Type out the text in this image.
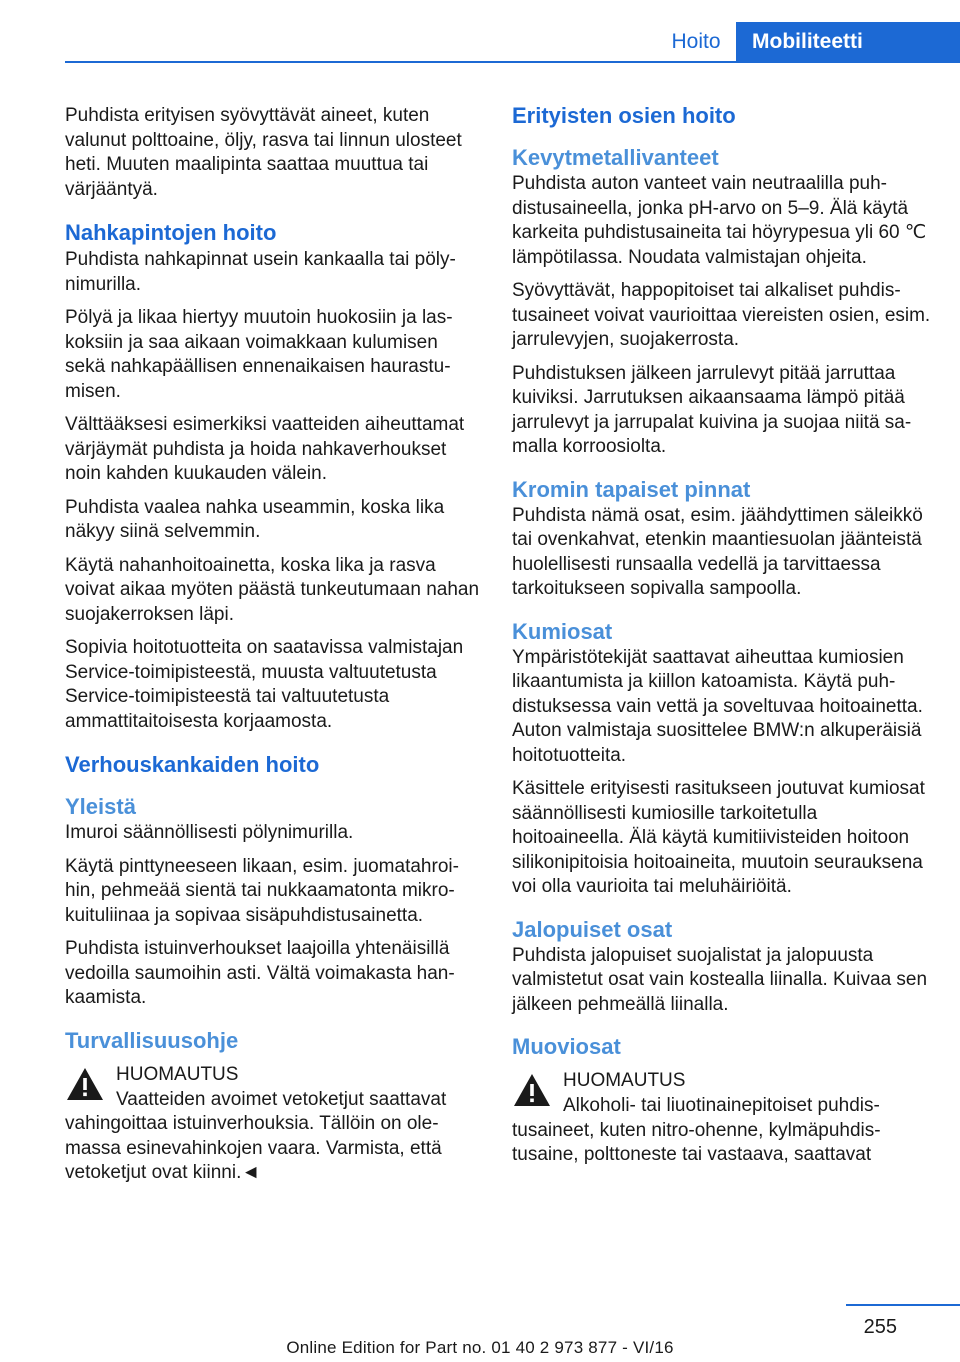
Hoito	Mobiliteetti

Puhdista erityisen syövyttävät aineet, kuten valunut polttoaine, öljy, rasva tai linnun ulosteet heti. Muuten maalipinta saattaa muuttua tai värjääntyä.

Nahkapintojen hoito

Puhdista nahkapinnat usein kankaalla tai pölynimurilla.

Pölyä ja likaa hiertyy muutoin huokosiin ja laskoksiin ja saa aikaan voimakkaan kulumisen sekä nahkapäällisen ennenaikaisen haurastumisen.

Välttääksesi esimerkiksi vaatteiden aiheuttamat värjäymät puhdista ja hoida nahkaverhoukset noin kahden kuukauden välein.

Puhdista vaalea nahka useammin, koska lika näkyy siinä selvemmin.

Käytä nahanhoitoainetta, koska lika ja rasva voivat aikaa myöten päästä tunkeutumaan nahan suojakerroksen läpi.

Sopivia hoitotuotteita on saatavissa valmistajan Service-toimipisteestä, muusta valtuutetusta Service-toimipisteestä tai valtuutetusta ammattitaitoisesta korjaamosta.

Verhouskankaiden hoito
Yleistä

Imuroi säännöllisesti pölynimurilla.

Käytä pinttyneeseen likaan, esim. juomatahroihin, pehmeää sientä tai nukkaamatonta mikrokuituliinaa ja sopivaa sisäpuhdistusainetta.

Puhdista istuinverhoukset laajoilla yhtenäisillä vedoilla saumoihin asti. Vältä voimakasta hankaamista.

Turvallisuusohje

HUOMAUTUS

Vaatteiden avoimet vetoketjut saattavat vahingoittaa istuinverhouksia. Tällöin on olemassa esinevahinkojen vaara. Varmista, että vetoketjut ovat kiinni.◄

Erityisten osien hoito
Kevytmetallivanteet

Puhdista auton vanteet vain neutraalilla puhdistusaineella, jonka pH-arvo on 5–9. Älä käytä karkeita puhdistusaineita tai höyrypesua yli 60 ℃ lämpötilassa. Noudata valmistajan ohjeita.

Syövyttävät, happopitoiset tai alkaliset puhdistusaineet voivat vaurioittaa viereisten osien, esim. jarrulevyjen, suojakerrosta.

Puhdistuksen jälkeen jarrulevyt pitää jarruttaa kuiviksi. Jarrutuksen aikaansaama lämpö pitää jarrulevyt ja jarrupalat kuivina ja suojaa niitä samalla korroosiolta.

Kromin tapaiset pinnat

Puhdista nämä osat, esim. jäähdyttimen säleikkö tai ovenkahvat, etenkin maantiesuolan jäänteistä huolellisesti runsaalla vedellä ja tarvittaessa tarkoitukseen sopivalla sampoolla.

Kumiosat

Ympäristötekijät saattavat aiheuttaa kumiosien likaantumista ja kiillon katoamista. Käytä puhdistuksessa vain vettä ja soveltuvaa hoitoainetta. Auton valmistaja suosittelee BMW:n alkuperäisiä hoitotuotteita.

Käsittele erityisesti rasitukseen joutuvat kumiosat säännöllisesti kumiosille tarkoitetulla hoitoaineella. Älä käytä kumitiivisteiden hoitoon silikonipitoisia hoitoaineita, muutoin seurauksena voi olla vaurioita tai meluhäiriöitä.

Jalopuiset osat

Puhdista jalopuiset suojalistat ja jalopuusta valmistetut osat vain kostealla liinalla. Kuivaa sen jälkeen pehmeällä liinalla.

Muoviosat

HUOMAUTUS

Alkoholi- tai liuotinainepitoiset puhdistusaineet, kuten nitro-ohenne, kylmäpuhdistusaine, polttoneste tai vastaava, saattavat

255
Online Edition for Part no. 01 40 2 973 877 - VI/16
